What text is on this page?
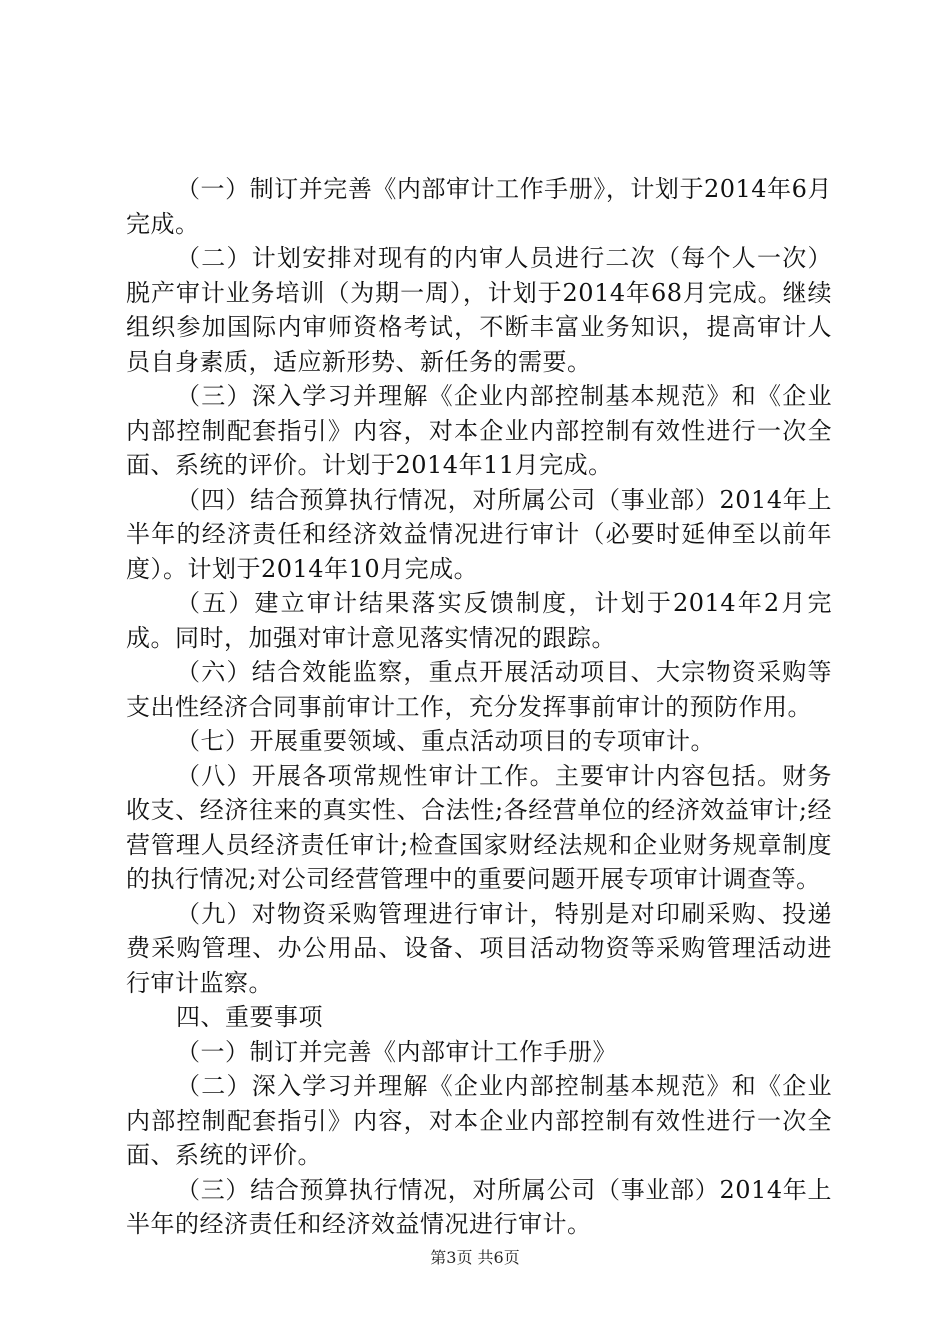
（一）制订并完善《内部审计工作手册》，计划于2014年6月完成。

（二）计划安排对现有的内审人员进行二次（每个人一次）脱产审计业务培训（为期一周），计划于2014年68月完成。继续组织参加国际内审师资格考试，不断丰富业务知识，提高审计人员自身素质，适应新形势、新任务的需要。

（三）深入学习并理解《企业内部控制基本规范》和《企业内部控制配套指引》内容，对本企业内部控制有效性进行一次全面、系统的评价。计划于2014年11月完成。

（四）结合预算执行情况，对所属公司（事业部）2014年上半年的经济责任和经济效益情况进行审计（必要时延伸至以前年度）。计划于2014年10月完成。

（五）建立审计结果落实反馈制度，计划于2014年2月完成。同时，加强对审计意见落实情况的跟踪。

（六）结合效能监察，重点开展活动项目、大宗物资采购等支出性经济合同事前审计工作，充分发挥事前审计的预防作用。

（七）开展重要领域、重点活动项目的专项审计。

（八）开展各项常规性审计工作。主要审计内容包括。财务收支、经济往来的真实性、合法性;各经营单位的经济效益审计;经营管理人员经济责任审计;检查国家财经法规和企业财务规章制度的执行情况;对公司经营管理中的重要问题开展专项审计调查等。

（九）对物资采购管理进行审计，特别是对印刷采购、投递费采购管理、办公用品、设备、项目活动物资等采购管理活动进行审计监察。

四、重要事项

（一）制订并完善《内部审计工作手册》

（二）深入学习并理解《企业内部控制基本规范》和《企业内部控制配套指引》内容，对本企业内部控制有效性进行一次全面、系统的评价。

（三）结合预算执行情况，对所属公司（事业部）2014年上半年的经济责任和经济效益情况进行审计。

第3页 共6页
